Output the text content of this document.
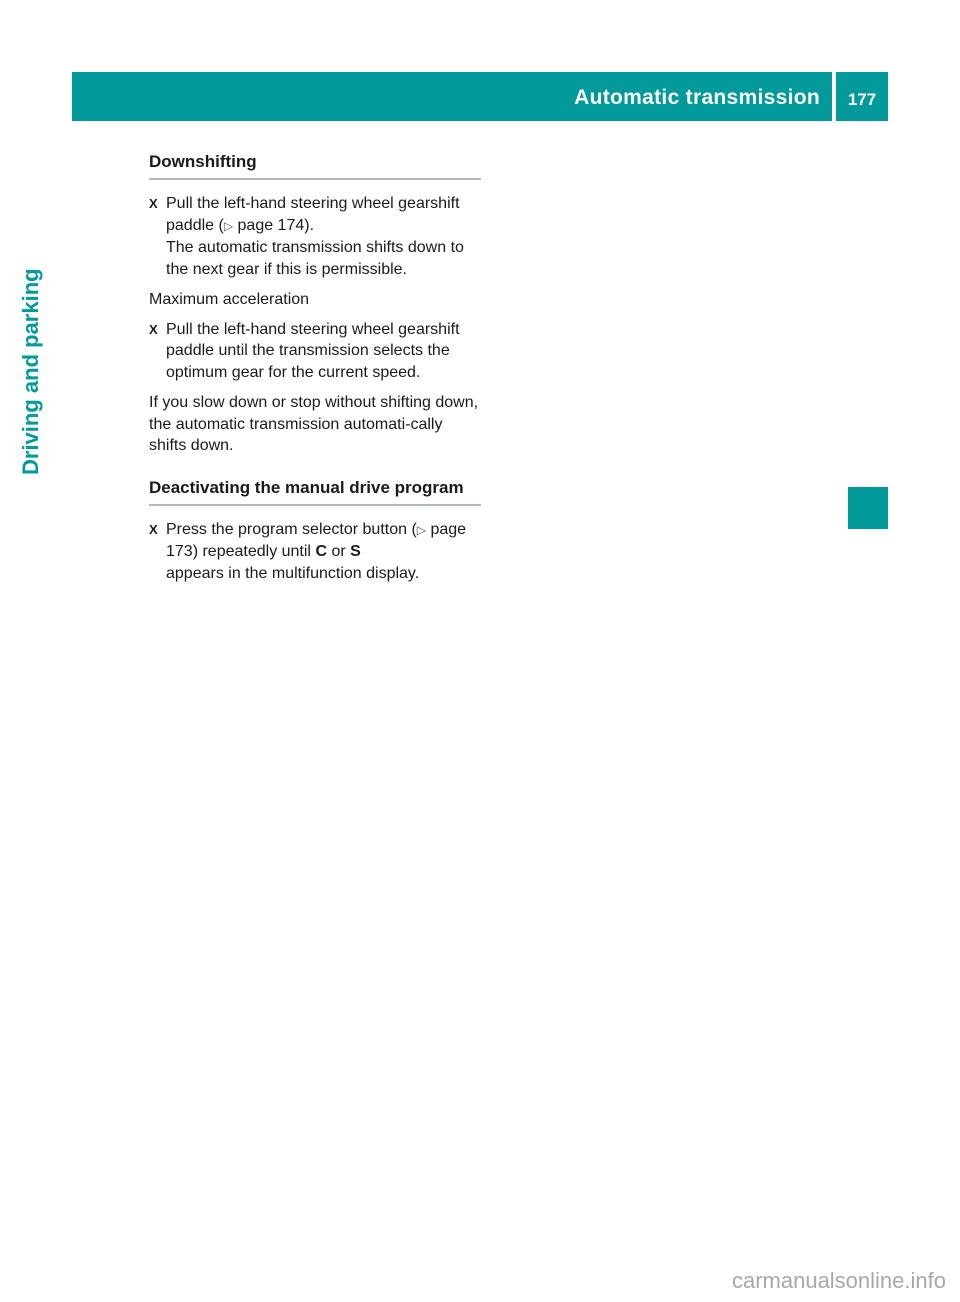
Automatic transmission	177
Driving and parking
Downshifting
X Pull the left-hand steering wheel gearshift paddle (▷ page 174).
The automatic transmission shifts down to the next gear if this is permissible.
Maximum acceleration
X Pull the left-hand steering wheel gearshift paddle until the transmission selects the optimum gear for the current speed.
If you slow down or stop without shifting down, the automatic transmission automati-cally shifts down.
Deactivating the manual drive program
X Press the program selector button (▷ page 173) repeatedly until C or S
appears in the multifunction display.
carmanualsonline.info
